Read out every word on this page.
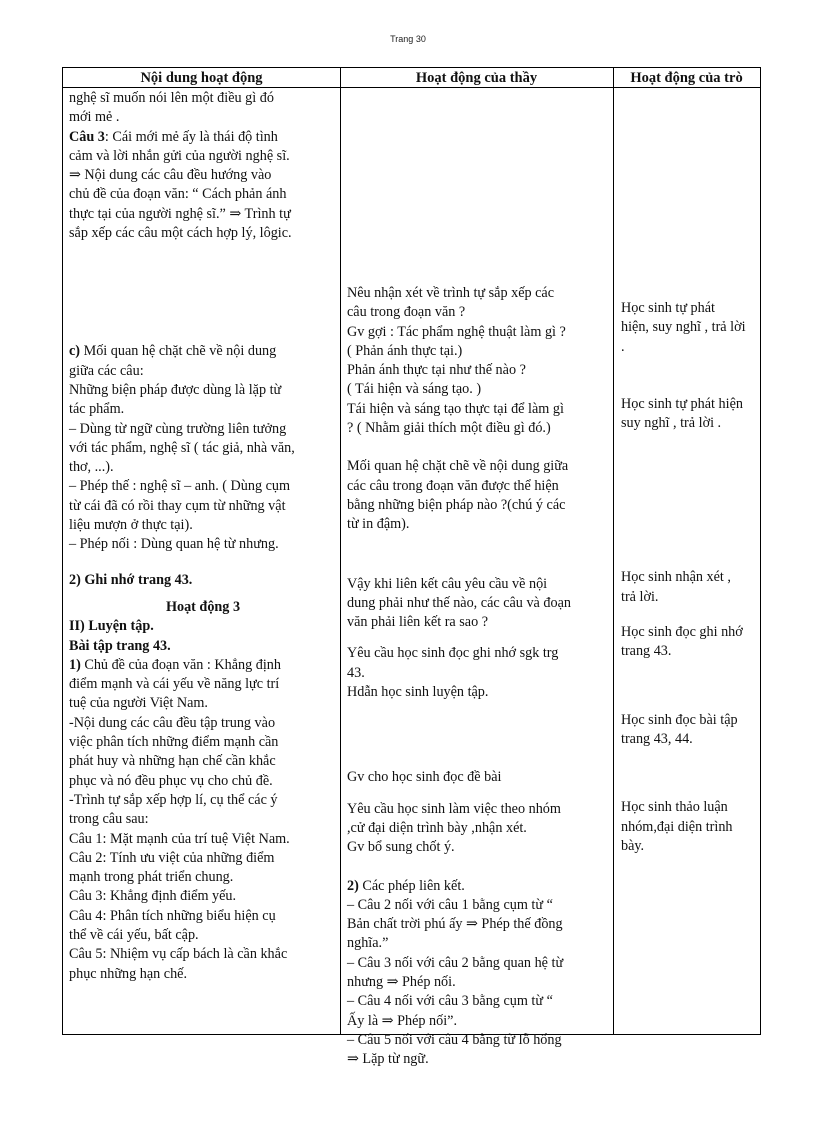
Trang 30
Nội dung hoạt động	Hoạt động của thầy	Hoạt động của trò

nghệ sĩ muốn nói lên một điều gì đó

mới mẻ .

Câu 3: Cái mới mẻ ấy là thái độ tình

cảm và lời nhắn gửi của người nghệ sĩ.

⇒ Nội dung các câu đều hướng vào

chủ đề của đoạn văn: “ Cách phản ánh

thực tại của người nghệ sĩ.” ⇒ Trình tự

sắp xếp các câu một cách hợp lý, lôgic.

c) Mối quan hệ chặt chẽ về nội dung

giữa các câu:

Những biện pháp được dùng là lặp từ

tác phẩm.

– Dùng từ ngữ cùng trường liên tưởng

với tác phẩm, nghệ sĩ ( tác giả, nhà văn,

thơ, ...).

– Phép thế : nghệ sĩ – anh. ( Dùng cụm

từ cái đã có rồi thay cụm từ những vật

liệu mượn ở thực tại).

– Phép nối : Dùng quan hệ từ nhưng.

2) Ghi nhớ trang 43.

Hoạt động 3

II) Luyện tập.

Bài tập trang 43.

1) Chủ đề của đoạn văn : Khẳng định

điểm mạnh và cái yếu về năng lực trí

tuệ của người Việt Nam.

-Nội dung các câu đều tập trung vào

việc phân tích những điểm mạnh cần

phát huy và những hạn chế cần khắc

phục và nó đều phục vụ cho chủ đề.

-Trình tự sắp xếp hợp lí, cụ thể các ý

trong câu sau:

Câu 1: Mặt mạnh của trí tuệ Việt Nam.

Câu 2: Tính ưu việt của những điểm

mạnh trong phát triển chung.

Câu 3: Khẳng định điểm yếu.

Câu 4: Phân tích những biểu hiện cụ

thể về cái yếu, bất cập.

Câu 5: Nhiệm vụ cấp bách là cần khắc

phục những hạn chế.

Nêu nhận xét về trình tự sắp xếp các

câu trong đoạn văn ?

Gv gợi : Tác phẩm nghệ thuật làm gì ?

( Phản ánh thực tại.)

Phản ánh thực tại như thế nào ?

( Tái hiện và sáng tạo. )

Tái hiện và sáng tạo thực tại để làm gì

? ( Nhằm giải thích một điều gì đó.)

Mối quan hệ chặt chẽ về nội dung giữa

các câu trong đoạn văn được thể hiện

bằng những biện pháp nào ?(chú ý các

từ in đậm).

Vậy khi liên kết câu yêu cầu về nội

dung phải như thế nào, các câu và đoạn

văn phải liên kết ra sao ?

Yêu cầu học sinh đọc ghi nhớ sgk trg

43.

Hdẫn học sinh luyện tập.

Gv cho học sinh đọc đề bài

Yêu cầu học sinh làm việc theo nhóm

,cử đại diện trình bày ,nhận xét.

Gv bổ sung chốt ý.

2) Các phép liên kết.

– Câu 2 nối với câu 1 bằng cụm từ “

Bản chất trời phú ấy ⇒ Phép thế đồng

nghĩa.”

– Câu 3 nối với câu 2 bằng quan hệ từ

nhưng ⇒ Phép nối.

– Câu 4 nối với câu 3 bằng cụm từ “

Ấy là ⇒ Phép nối”.

– Câu 5 nối với câu 4 bằng từ lỗ hổng

⇒ Lặp từ ngữ.

Học sinh tự phát

hiện, suy nghĩ , trả lời

.

Học sinh tự phát hiện

suy nghĩ , trả lời .

Học sinh nhận xét ,

trả lời.

Học sinh đọc ghi nhớ

trang 43.

Học sinh đọc bài tập

trang 43, 44.

Học sinh thảo luận

nhóm,đại diện trình

bày.
